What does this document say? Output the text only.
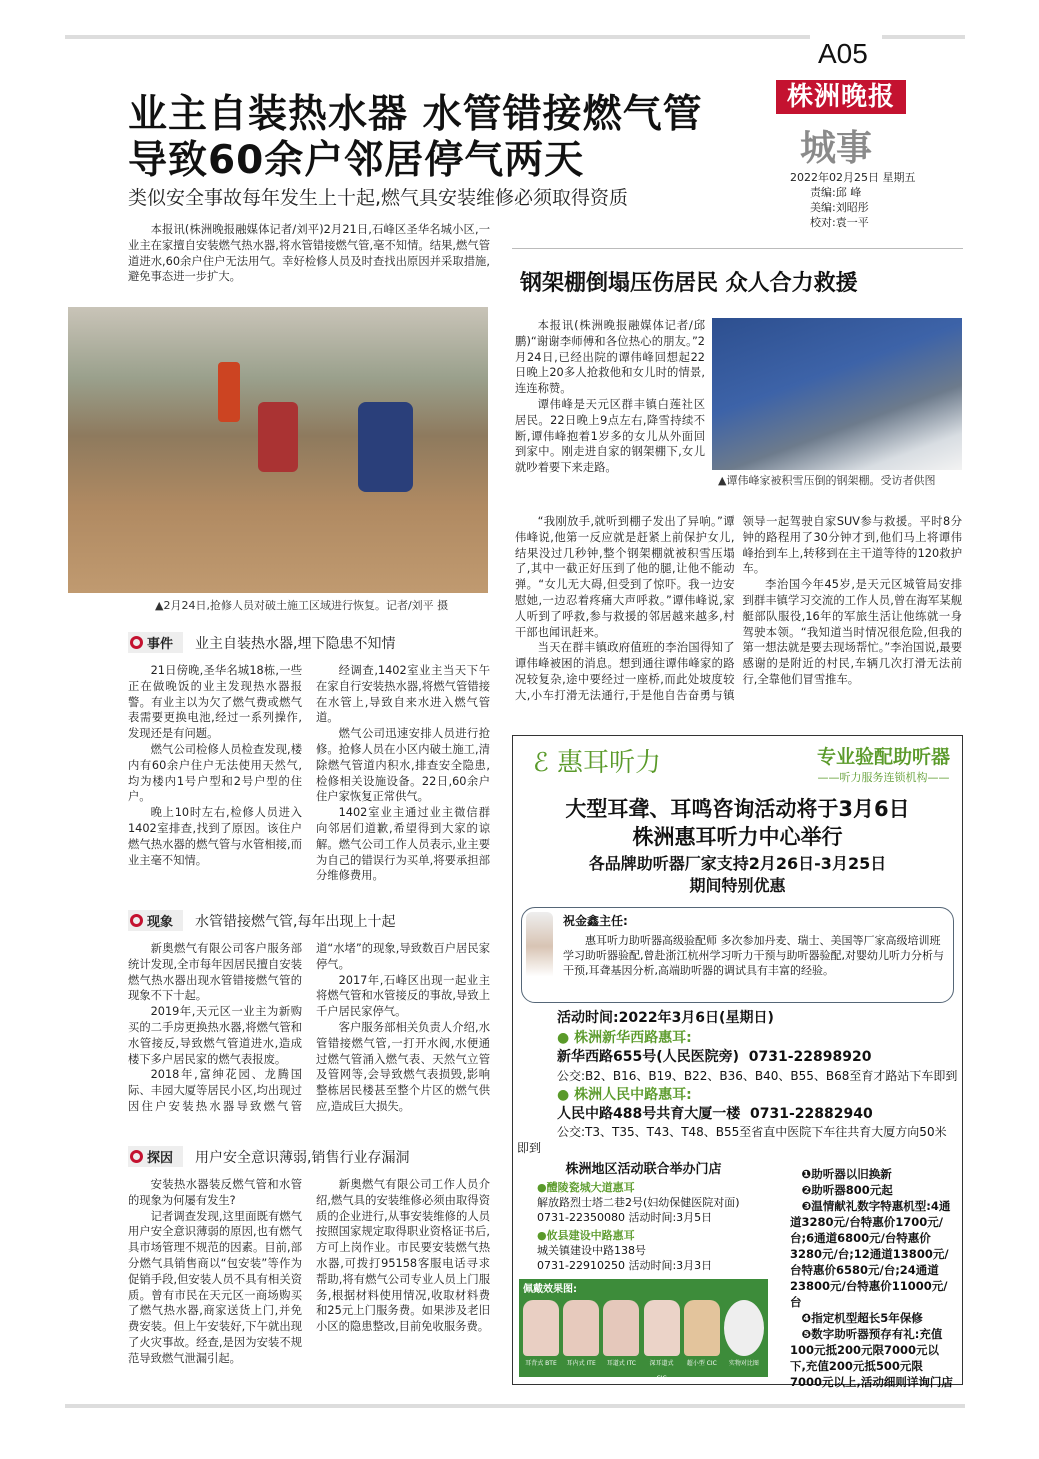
A05
株洲晚报
城事
2022年02月25日 星期五
责编:邱 峰
美编:刘昭彤
校对:袁一平
业主自装热水器 水管错接燃气管
导致60余户邻居停气两天
类似安全事故每年发生上十起,燃气具安装维修必须取得资质

本报讯(株洲晚报融媒体记者/刘平)2月21日,石峰区圣华名城小区,一业主在家擅自安装燃气热水器,将水管错接燃气管,毫不知情。结果,燃气管道进水,60余户住户无法用气。幸好检修人员及时查找出原因并采取措施,避免事态进一步扩大。

▲2月24日,抢修人员对破土施工区域进行恢复。记者/刘平 摄
事件 业主自装热水器,埋下隐患不知情

21日傍晚,圣华名城18栋,一些正在做晚饭的业主发现热水器报警。有业主以为欠了燃气费或燃气表需要更换电池,经过一系列操作,发现还是有问题。

燃气公司检修人员检查发现,楼内有60余户住户无法使用天然气,均为楼内1号户型和2号户型的住户。

晚上10时左右,检修人员进入1402室排查,找到了原因。该住户燃气热水器的燃气管与水管相接,而业主毫不知情。

经调查,1402室业主当天下午在家自行安装热水器,将燃气管错接在水管上,导致自来水进入燃气管道。

燃气公司迅速安排人员进行抢修。抢修人员在小区内破土施工,清除燃气管道内积水,排查安全隐患,检修相关设施设备。22日,60余户住户家恢复正常供气。

1402室业主通过业主微信群向邻居们道歉,希望得到大家的谅解。燃气公司工作人员表示,业主要为自己的错误行为买单,将要承担部分维修费用。

现象 水管错接燃气管,每年出现上十起

新奥燃气有限公司客户服务部统计发现,全市每年因居民擅自安装燃气热水器出现水管错接燃气管的现象不下十起。

2019年,天元区一业主为新购买的二手房更换热水器,将燃气管和水管接反,导致燃气管道进水,造成楼下多户居民家的燃气表报废。

2018年,富绅花园、龙腾国际、丰园大厦等居民小区,均出现过因住户安装热水器导致燃气管道“水堵”的现象,导致数百户居民家停气。

2017年,石峰区出现一起业主将燃气管和水管接反的事故,导致上千户居民家停气。

客户服务部相关负责人介绍,水管错接燃气管,一打开水阀,水便通过燃气管涌入燃气表、天然气立管及管网等,会导致燃气表损毁,影响整栋居民楼甚至整个片区的燃气供应,造成巨大损失。

探因 用户安全意识薄弱,销售行业存漏洞

安装热水器装反燃气管和水管的现象为何屡有发生?

记者调查发现,这里面既有燃气用户安全意识薄弱的原因,也有燃气具市场管理不规范的因素。目前,部分燃气具销售商以“包安装”等作为促销手段,但安装人员不具有相关资质。曾有市民在天元区一商场购买了燃气热水器,商家送货上门,并免费安装。但上午安装好,下午就出现了火灾事故。经查,是因为安装不规范导致燃气泄漏引起。

新奥燃气有限公司工作人员介绍,燃气具的安装维修必须由取得资质的企业进行,从事安装维修的人员按照国家规定取得职业资格证书后,方可上岗作业。市民要安装燃气热水器,可拨打95158客服电话寻求帮助,将有燃气公司专业人员上门服务,根据材料使用情况,收取材料费和25元上门服务费。如果涉及老旧小区的隐患整改,目前免收服务费。

钢架棚倒塌压伤居民 众人合力救援

本报讯(株洲晚报融媒体记者/邱鹏)“谢谢李师傅和各位热心的朋友。”2月24日,已经出院的谭伟峰回想起22日晚上20多人抢救他和女儿时的情景,连连称赞。

谭伟峰是天元区群丰镇白莲社区居民。22日晚上9点左右,降雪持续不断,谭伟峰抱着1岁多的女儿从外面回到家中。刚走进自家的钢架棚下,女儿就吵着要下来走路。

▲谭伟峰家被积雪压倒的钢架棚。受访者供图

“我刚放手,就听到棚子发出了异响。”谭伟峰说,他第一反应就是赶紧上前保护女儿,结果没过几秒钟,整个钢架棚就被积雪压塌了,其中一截正好压到了他的腿,让他不能动弹。“女儿无大碍,但受到了惊吓。我一边安慰她,一边忍着疼痛大声呼救。”谭伟峰说,家人听到了呼救,参与救援的邻居越来越多,村干部也闻讯赶来。

当天在群丰镇政府值班的李治国得知了谭伟峰被困的消息。想到通往谭伟峰家的路况较复杂,途中要经过一座桥,而此处坡度较大,小车打滑无法通行,于是他自告奋勇与镇领导一起驾驶自家SUV参与救援。平时8分钟的路程用了30分钟才到,他们马上将谭伟峰抬到车上,转移到在主干道等待的120救护车。

李治国今年45岁,是天元区城管局安排到群丰镇学习交流的工作人员,曾在海军某舰艇部队服役,16年的军旅生活让他练就一身驾驶本领。“我知道当时情况很危险,但我的第一想法就是要去现场帮忙。”李治国说,最要感谢的是附近的村民,车辆几次打滑无法前行,全靠他们冒雪推车。

ℰ 惠耳听力	专业验配助听器
——听力服务连锁机构——
大型耳聋、耳鸣咨询活动将于3月6日
株洲惠耳听力中心举行
各品牌助听器厂家支持2月26日-3月25日
期间特别优惠
祝金鑫主任:
惠耳听力助听器高级验配师 多次参加丹麦、瑞士、美国等厂家高级培训班学习助听器验配,曾赴浙江杭州学习听力干预与助听器验配,对婴幼儿听力分析与干预,耳聋基因分析,高端助听器的调试具有丰富的经验。
活动时间:2022年3月6日(星期日)
● 株洲新华西路惠耳:
新华西路655号(人民医院旁) 0731-22898920
公交:B2、B16、B19、B22、B36、B40、B55、B68至育才路站下车即到
● 株洲人民中路惠耳:
人民中路488号共育大厦一楼 0731-22882940
公交:T3、T35、T43、T48、B55至省直中医院下车往共育大厦方向50米即到
株洲地区活动联合举办门店
●醴陵瓷城大道惠耳
解放路烈士塔二巷2号(妇幼保健医院对面)
0731-22350080 活动时间:3月5日
●攸县建设中路惠耳
城关镇建设中路138号
0731-22910250 活动时间:3月3日
佩戴效果图:
耳背式 BTE	耳内式 ITE	耳道式 ITC	深耳道式 CIC
超小型 CIC	实物对比图
❶助听器以旧换新
❷助听器800元起
❸温情献礼数字特惠机型:4通道3280元/台特惠价1700元/台;6通道6800元/台特惠价3280元/台;12通道13800元/台特惠价6580元/台;24通道23800元/台特惠价11000元/台
❹指定机型超长5年保修
❺数字助听器预存有礼:充值100元抵200元限7000元以下,充值200元抵500元限7000元以上,活动细则详询门店
